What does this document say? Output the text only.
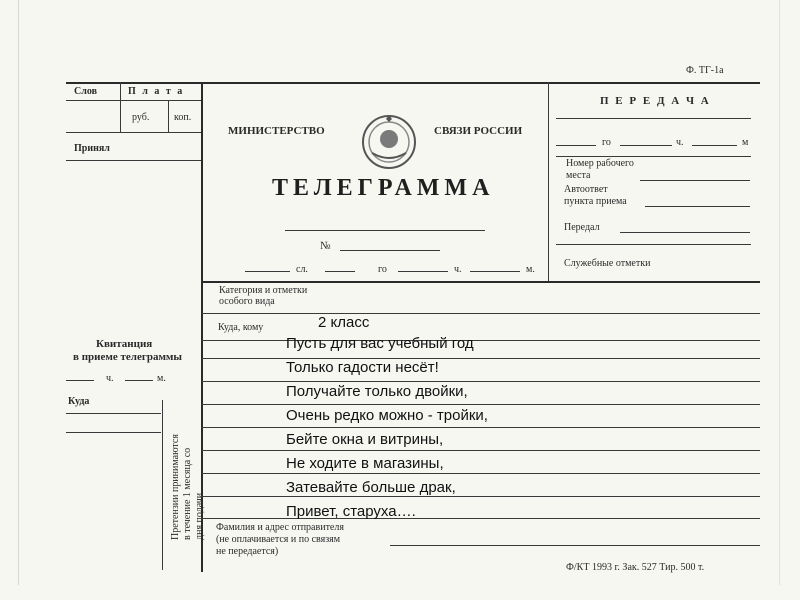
Ф. ТГ-1а
Слов	П л а т а
руб. коп.
Принял
Квитанция
в приеме телеграммы
ч.	м.
Куда
Претензии принимаются в течение 1 месяца со дня подачи
МИНИСТЕРСТВО	СВЯЗИ РОССИИ
ТЕЛЕГРАММА
№
сл.	го	ч.	м.
П Е Р Е Д А Ч А
го	ч.	м
Номер рабочего
места
Автоответ
пункта приема
Передал
Служебные отметки
Категория и отметки
особого вида
Куда, кому
Фамилия и адрес отправителя
(не оплачивается и по связям
не передается)
Ф/КТ 1993 г. Зак. 527 Тир. 500 т.
2 класс
Пусть для вас учебный год
Только гадости несёт!
Получайте только двойки,
Очень редко можно - тройки,
Бейте окна и витрины,
Не ходите в магазины,
Затевайте больше драк,
Привет, старуха….
